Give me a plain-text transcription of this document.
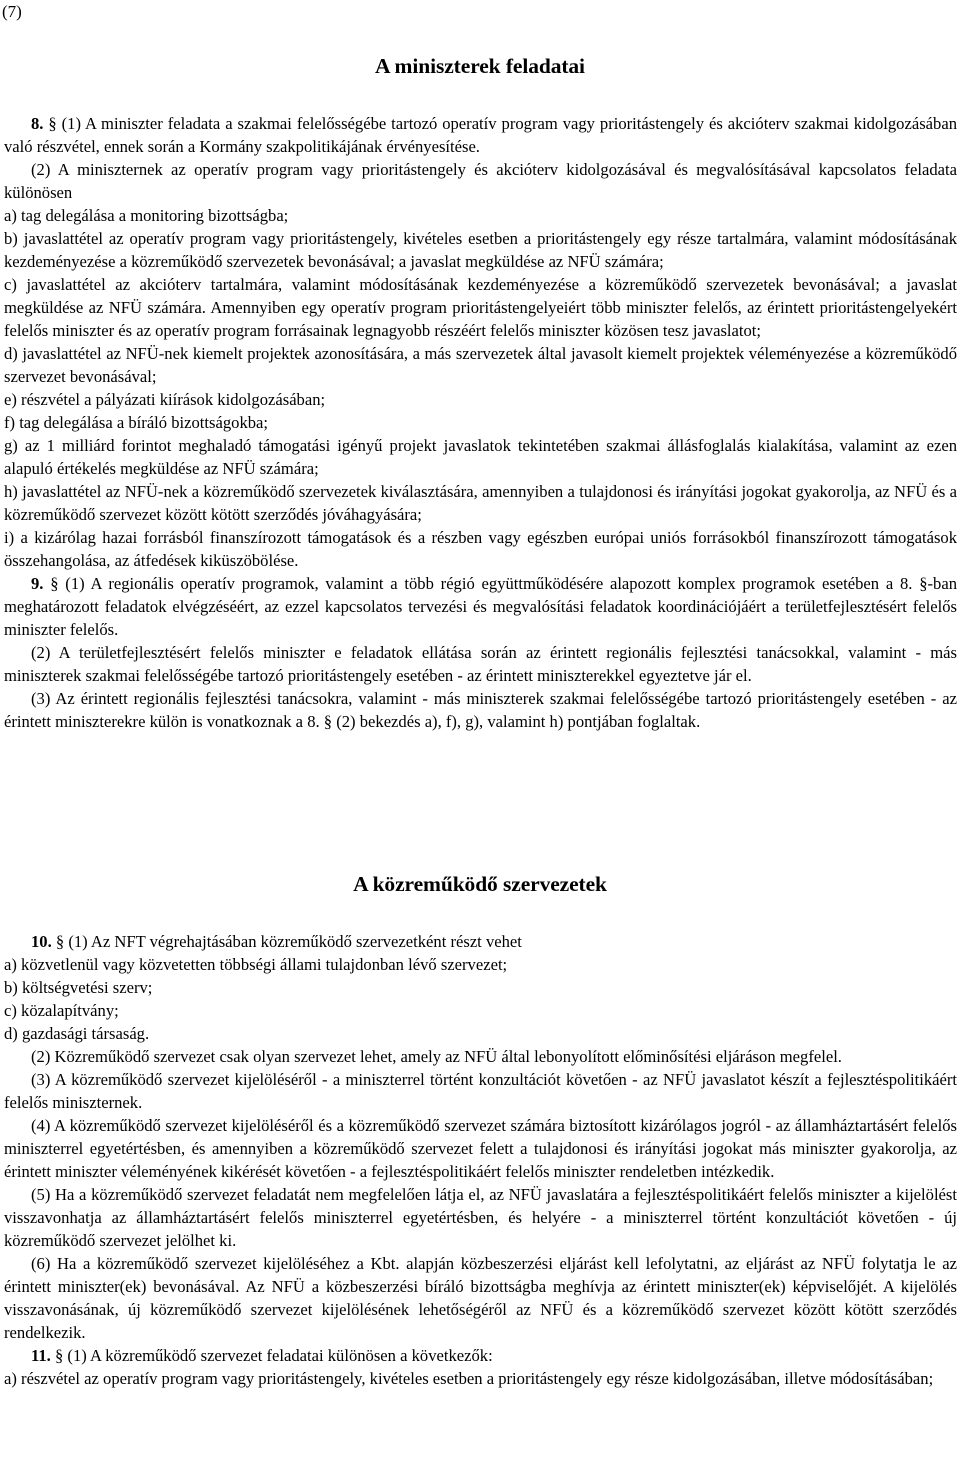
(7)
A miniszterek feladatai

8. § (1) A miniszter feladata a szakmai felelősségébe tartozó operatív program vagy prioritástengely és akcióterv szakmai kidolgozásában való részvétel, ennek során a Kormány szakpolitikájának érvényesítése.

(2) A miniszternek az operatív program vagy prioritástengely és akcióterv kidolgozásával és megvalósításával kapcsolatos feladata különösen

a) tag delegálása a monitoring bizottságba;

b) javaslattétel az operatív program vagy prioritástengely, kivételes esetben a prioritástengely egy része tartalmára, valamint módosításának kezdeményezése a közreműködő szervezetek bevonásával; a javaslat megküldése az NFÜ számára;

c) javaslattétel az akcióterv tartalmára, valamint módosításának kezdeményezése a közreműködő szervezetek bevonásával; a javaslat megküldése az NFÜ számára. Amennyiben egy operatív program prioritástengelyeiért több miniszter felelős, az érintett prioritástengelyekért felelős miniszter és az operatív program forrásainak legnagyobb részéért felelős miniszter közösen tesz javaslatot;

d) javaslattétel az NFÜ-nek kiemelt projektek azonosítására, a más szervezetek által javasolt kiemelt projektek véleményezése a közreműködő szervezet bevonásával;

e) részvétel a pályázati kiírások kidolgozásában;

f) tag delegálása a bíráló bizottságokba;

g) az 1 milliárd forintot meghaladó támogatási igényű projekt javaslatok tekintetében szakmai állásfoglalás kialakítása, valamint az ezen alapuló értékelés megküldése az NFÜ számára;

h) javaslattétel az NFÜ-nek a közreműködő szervezetek kiválasztására, amennyiben a tulajdonosi és irányítási jogokat gyakorolja, az NFÜ és a közreműködő szervezet között kötött szerződés jóváhagyására;

i) a kizárólag hazai forrásból finanszírozott támogatások és a részben vagy egészben európai uniós forrásokból finanszírozott támogatások összehangolása, az átfedések kiküszöbölése.

9. § (1) A regionális operatív programok, valamint a több régió együttműködésére alapozott komplex programok esetében a 8. §-ban meghatározott feladatok elvégzéséért, az ezzel kapcsolatos tervezési és megvalósítási feladatok koordinációjáért a területfejlesztésért felelős miniszter felelős.

(2) A területfejlesztésért felelős miniszter e feladatok ellátása során az érintett regionális fejlesztési tanácsokkal, valamint - más miniszterek szakmai felelősségébe tartozó prioritástengely esetében - az érintett miniszterekkel egyeztetve jár el.

(3) Az érintett regionális fejlesztési tanácsokra, valamint - más miniszterek szakmai felelősségébe tartozó prioritástengely esetében - az érintett miniszterekre külön is vonatkoznak a 8. § (2) bekezdés a), f), g), valamint h) pontjában foglaltak.

A közreműködő szervezetek

10. § (1) Az NFT végrehajtásában közreműködő szervezetként részt vehet

a) közvetlenül vagy közvetetten többségi állami tulajdonban lévő szervezet;

b) költségvetési szerv;

c) közalapítvány;

d) gazdasági társaság.

(2) Közreműködő szervezet csak olyan szervezet lehet, amely az NFÜ által lebonyolított előminősítési eljáráson megfelel.

(3) A közreműködő szervezet kijelöléséről - a miniszterrel történt konzultációt követően - az NFÜ javaslatot készít a fejlesztéspolitikáért felelős miniszternek.

(4) A közreműködő szervezet kijelöléséről és a közreműködő szervezet számára biztosított kizárólagos jogról - az államháztartásért felelős miniszterrel egyetértésben, és amennyiben a közreműködő szervezet felett a tulajdonosi és irányítási jogokat más miniszter gyakorolja, az érintett miniszter véleményének kikérését követően - a fejlesztéspolitikáért felelős miniszter rendeletben intézkedik.

(5) Ha a közreműködő szervezet feladatát nem megfelelően látja el, az NFÜ javaslatára a fejlesztéspolitikáért felelős miniszter a kijelölést visszavonhatja az államháztartásért felelős miniszterrel egyetértésben, és helyére - a miniszterrel történt konzultációt követően - új közreműködő szervezet jelölhet ki.

(6) Ha a közreműködő szervezet kijelöléséhez a Kbt. alapján közbeszerzési eljárást kell lefolytatni, az eljárást az NFÜ folytatja le az érintett miniszter(ek) bevonásával. Az NFÜ a közbeszerzési bíráló bizottságba meghívja az érintett miniszter(ek) képviselőjét. A kijelölés visszavonásának, új közreműködő szervezet kijelölésének lehetőségéről az NFÜ és a közreműködő szervezet között kötött szerződés rendelkezik.

11. § (1) A közreműködő szervezet feladatai különösen a következők:

a) részvétel az operatív program vagy prioritástengely, kivételes esetben a prioritástengely egy része kidolgozásában, illetve módosításában;
